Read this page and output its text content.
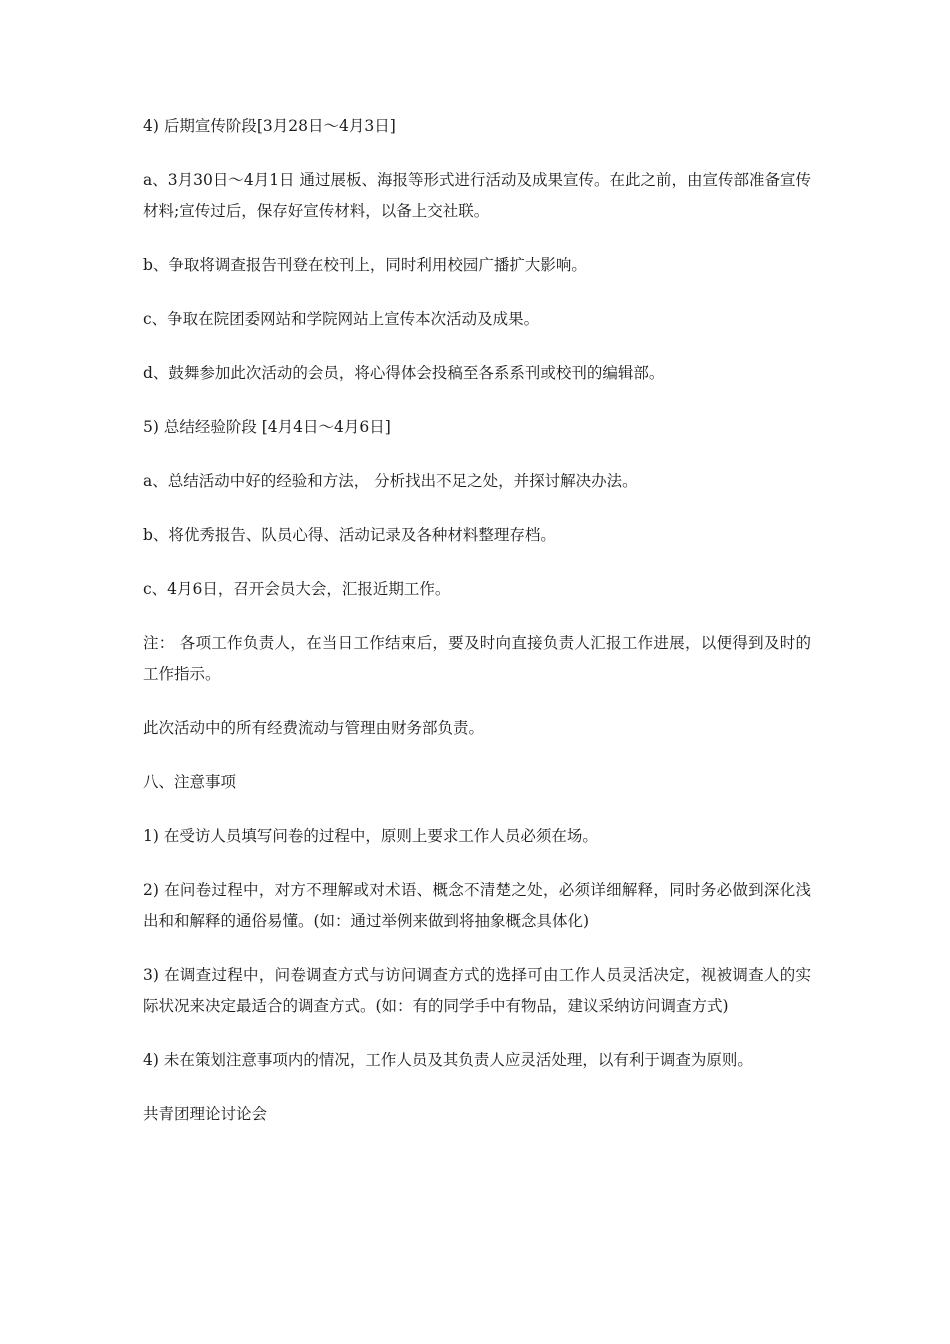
4) 后期宣传阶段[3月28日～4月3日]

a、3月30日～4月1日 通过展板、海报等形式进行活动及成果宣传。在此之前，由宣传部准备宣传材料;宣传过后，保存好宣传材料，以备上交社联。

b、争取将调查报告刊登在校刊上，同时利用校园广播扩大影响。

c、争取在院团委网站和学院网站上宣传本次活动及成果。

d、鼓舞参加此次活动的会员，将心得体会投稿至各系系刊或校刊的编辑部。

5) 总结经验阶段 [4月4日～4月6日]

a、总结活动中好的经验和方法， 分析找出不足之处，并探讨解决办法。

b、将优秀报告、队员心得、活动记录及各种材料整理存档。

c、4月6日，召开会员大会，汇报近期工作。

注： 各项工作负责人，在当日工作结束后，要及时向直接负责人汇报工作进展，以便得到及时的工作指示。

此次活动中的所有经费流动与管理由财务部负责。

八、注意事项

1) 在受访人员填写问卷的过程中，原则上要求工作人员必须在场。

2) 在问卷过程中，对方不理解或对术语、概念不清楚之处，必须详细解释，同时务必做到深化浅出和和解释的通俗易懂。(如：通过举例来做到将抽象概念具体化)

3) 在调查过程中，问卷调查方式与访问调查方式的选择可由工作人员灵活决定，视被调查人的实际状况来决定最适合的调查方式。(如：有的同学手中有物品，建议采纳访问调查方式)

4) 未在策划注意事项内的情况，工作人员及其负责人应灵活处理，以有利于调查为原则。

共青团理论讨论会
